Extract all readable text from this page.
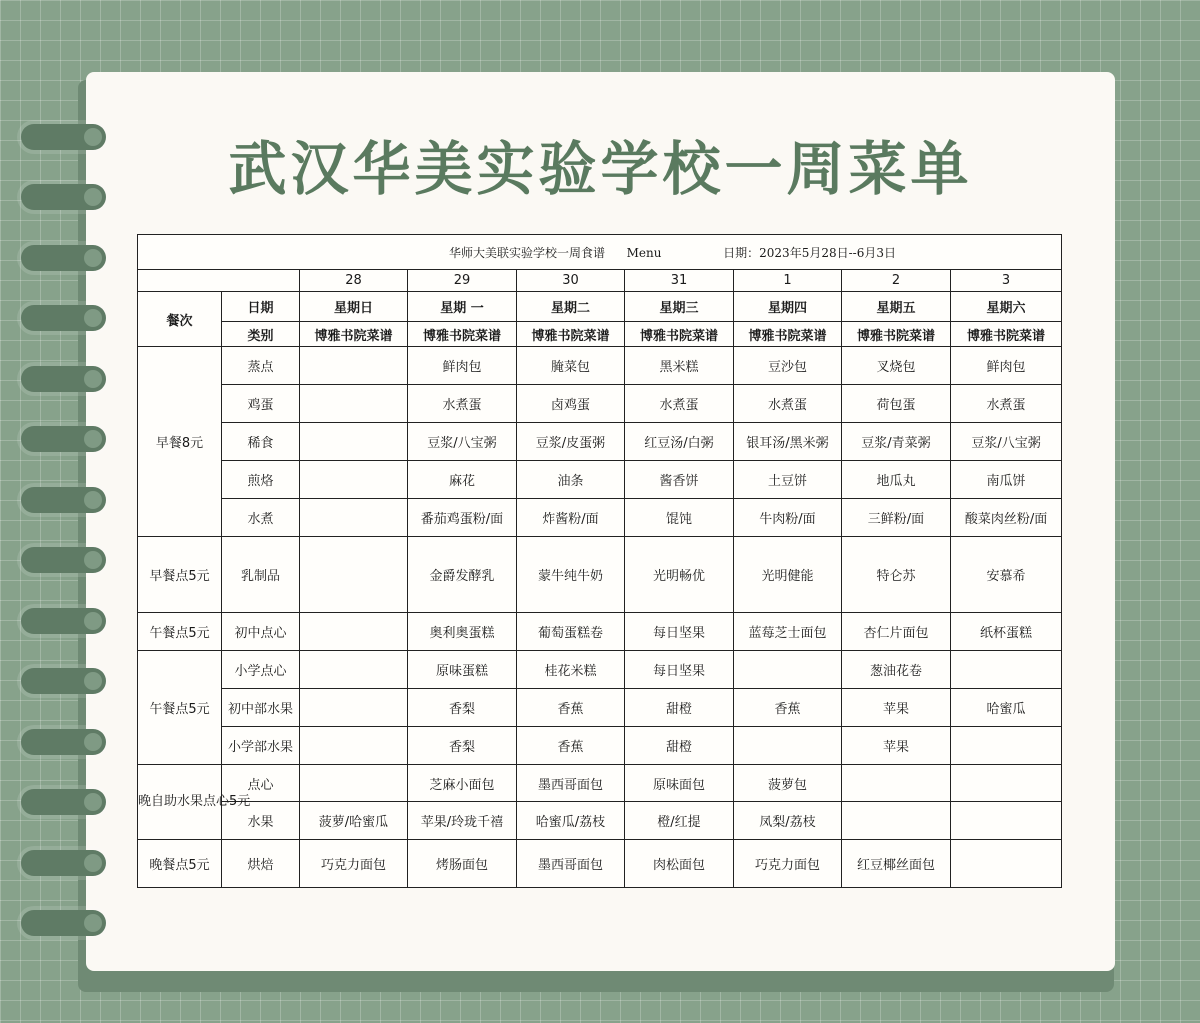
武汉华美实验学校一周菜单
华师大美联实验学校一周食谱 Menu 日期：2023年5月28日--6月3日								
		28	29	30	31	1	2	3
餐次	日期	星期日	星期 一	星期二	星期三	星期四	星期五	星期六
	类别	博雅书院菜谱	博雅书院菜谱	博雅书院菜谱	博雅书院菜谱	博雅书院菜谱	博雅书院菜谱	博雅书院菜谱
早餐8元	蒸点		鲜肉包	腌菜包	黑米糕	豆沙包	叉烧包	鲜肉包
	鸡蛋		水煮蛋	卤鸡蛋	水煮蛋	水煮蛋	荷包蛋	水煮蛋
	稀食		豆浆/八宝粥	豆浆/皮蛋粥	红豆汤/白粥	银耳汤/黑米粥	豆浆/青菜粥	豆浆/八宝粥
	煎烙		麻花	油条	酱香饼	土豆饼	地瓜丸	南瓜饼
	水煮		番茄鸡蛋粉/面	炸酱粉/面	馄饨	牛肉粉/面	三鲜粉/面	酸菜肉丝粉/面
早餐点5元	乳制品		金爵发酵乳	蒙牛纯牛奶	光明畅优	光明健能	特仑苏	安慕希
午餐点5元	初中点心		奥利奥蛋糕	葡萄蛋糕卷	每日坚果	蓝莓芝士面包	杏仁片面包	纸杯蛋糕
午餐点5元	小学点心		原味蛋糕	桂花米糕	每日坚果		葱油花卷	
	初中部水果		香梨	香蕉	甜橙	香蕉	苹果	哈蜜瓜
	小学部水果		香梨	香蕉	甜橙		苹果	
晚自助水果点心5元	点心		芝麻小面包	墨西哥面包	原味面包	菠萝包		
	水果	菠萝/哈蜜瓜	苹果/玲珑千禧	哈蜜瓜/荔枝	橙/红提	凤梨/荔枝		
晚餐点5元	烘焙	巧克力面包	烤肠面包	墨西哥面包	肉松面包	巧克力面包	红豆椰丝面包	
